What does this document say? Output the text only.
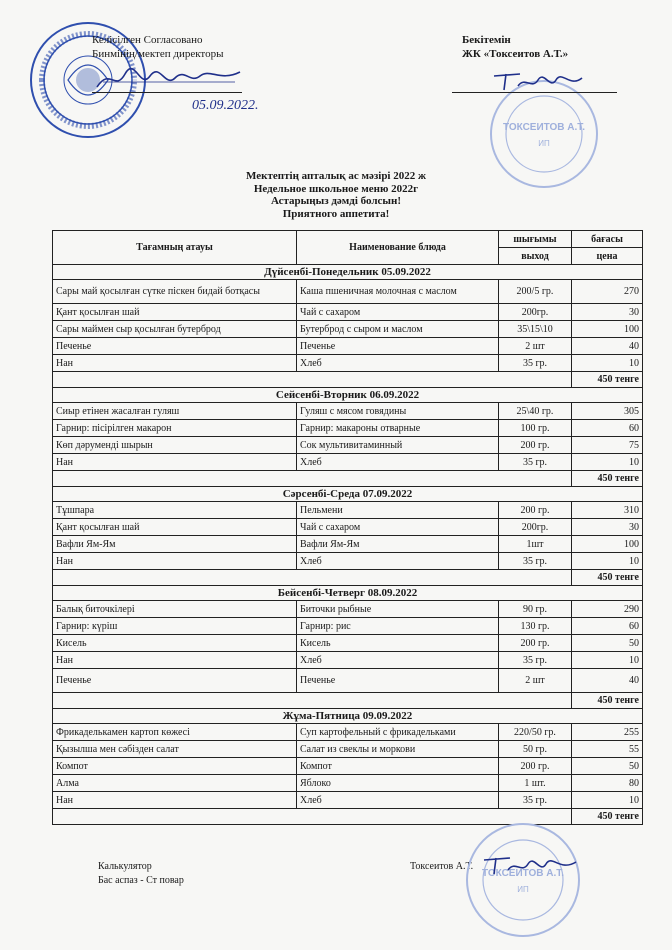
ТОКСЕИТОВ А.Т.
ИП
Келісілген Согласовано
Бинмінің/мектеп директоры
05.09.2022.
Бекітемін
ЖК «Токсеитов А.Т.»
Мектептің апталық ас мәзірі 2022 ж
Недельное школьное меню 2022г
Астарыңыз дәмді болсын!
Приятного аппетита!
Тағамның атауы	Наименование блюда	шығымы	бағасы
		выход	цена
Дүйсенбі-Понедельник 05.09.2022			
Сары май қосылған сүтке піскен бидай ботқасы	Каша пшеничная молочная с маслом	200/5 гр.	270
Қант қосылған шай	Чай с сахаром	200гр.	30
Сары маймен сыр қосылған бутерброд	Бутерброд с сыром и маслом	35\15\10	100
Печенье	Печенье	2 шт	40
Нан	Хлеб	35 гр.	10
			450 тенге
Сейсенбі-Вторник 06.09.2022			
Сиыр етінен жасалған гуляш	Гуляш с мясом говядины	25\40 гр.	305
Гарнир: пісірілген макарон	Гарнир: макароны отварные	100 гр.	60
Көп дәрумендi шырын	Сок мультивитаминный	200 гр.	75
Нан	Хлеб	35 гр.	10
			450 тенге
Сәрсенбі-Среда 07.09.2022			
Тұшпара	Пельмени	200 гр.	310
Қант қосылған шай	Чай с сахаром	200гр.	30
Вафли Ям-Ям	Вафли Ям-Ям	1шт	100
Нан	Хлеб	35 гр.	10
			450 тенге
Бейсенбі-Четверг 08.09.2022			
Балық биточкілері	Биточки рыбные	90 гр.	290
Гарнир: күріш	Гарнир: рис	130 гр.	60
Кисель	Кисель	200 гр.	50
Нан	Хлеб	35 гр.	10
Печенье	Печенье	2 шт	40
			450 тенге
Жұма-Пятница 09.09.2022			
Фрикаделькамен картоп көжесі	Суп картофельный с фрикадельками	220/50 гр.	255
Қызылша мен сәбізден салат	Салат из свеклы и моркови	50 гр.	55
Компот	Компот	200 гр.	50
Алма	Яблоко	1 шт.	80
Нан	Хлеб	35 гр.	10
			450 тенге
Калькулятор
Бас аспаз - Ст повар
Токсеитов А.Т.
ТОКСЕИТОВ А.Т.
ИП
